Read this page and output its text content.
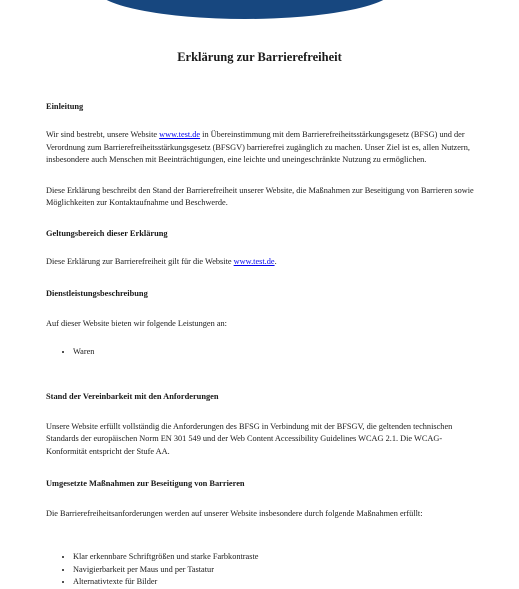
Erklärung zur Barrierefreiheit
Einleitung

Wir sind bestrebt, unsere Website www.test.de in Übereinstimmung mit dem Barrierefreiheitsstärkungsgesetz (BFSG) und der Verordnung zum Barrierefreiheitsstärkungsgesetz (BFSGV) barrierefrei zugänglich zu machen. Unser Ziel ist es, allen Nutzern, insbesondere auch Menschen mit Beeinträchtigungen, eine leichte und uneingeschränkte Nutzung zu ermöglichen.

Diese Erklärung beschreibt den Stand der Barrierefreiheit unserer Website, die Maßnahmen zur Beseitigung von Barrieren sowie Möglichkeiten zur Kontaktaufnahme und Beschwerde.

Geltungsbereich dieser Erklärung

Diese Erklärung zur Barrierefreiheit gilt für die Website www.test.de.

Dienstleistungsbeschreibung

Auf dieser Website bieten wir folgende Leistungen an:

• Waren
Stand der Vereinbarkeit mit den Anforderungen

Unsere Website erfüllt vollständig die Anforderungen des BFSG in Verbindung mit der BFSGV, die geltenden technischen Standards der europäischen Norm EN 301 549 und der Web Content Accessibility Guidelines WCAG 2.1. Die WCAG-Konformität entspricht der Stufe AA.

Umgesetzte Maßnahmen zur Beseitigung von Barrieren

Die Barrierefreiheitsanforderungen werden auf unserer Website insbesondere durch folgende Maßnahmen erfüllt:

• Klar erkennbare Schriftgrößen und starke Farbkontraste
• Navigierbarkeit per Maus und per Tastatur
• Alternativtexte für Bilder
